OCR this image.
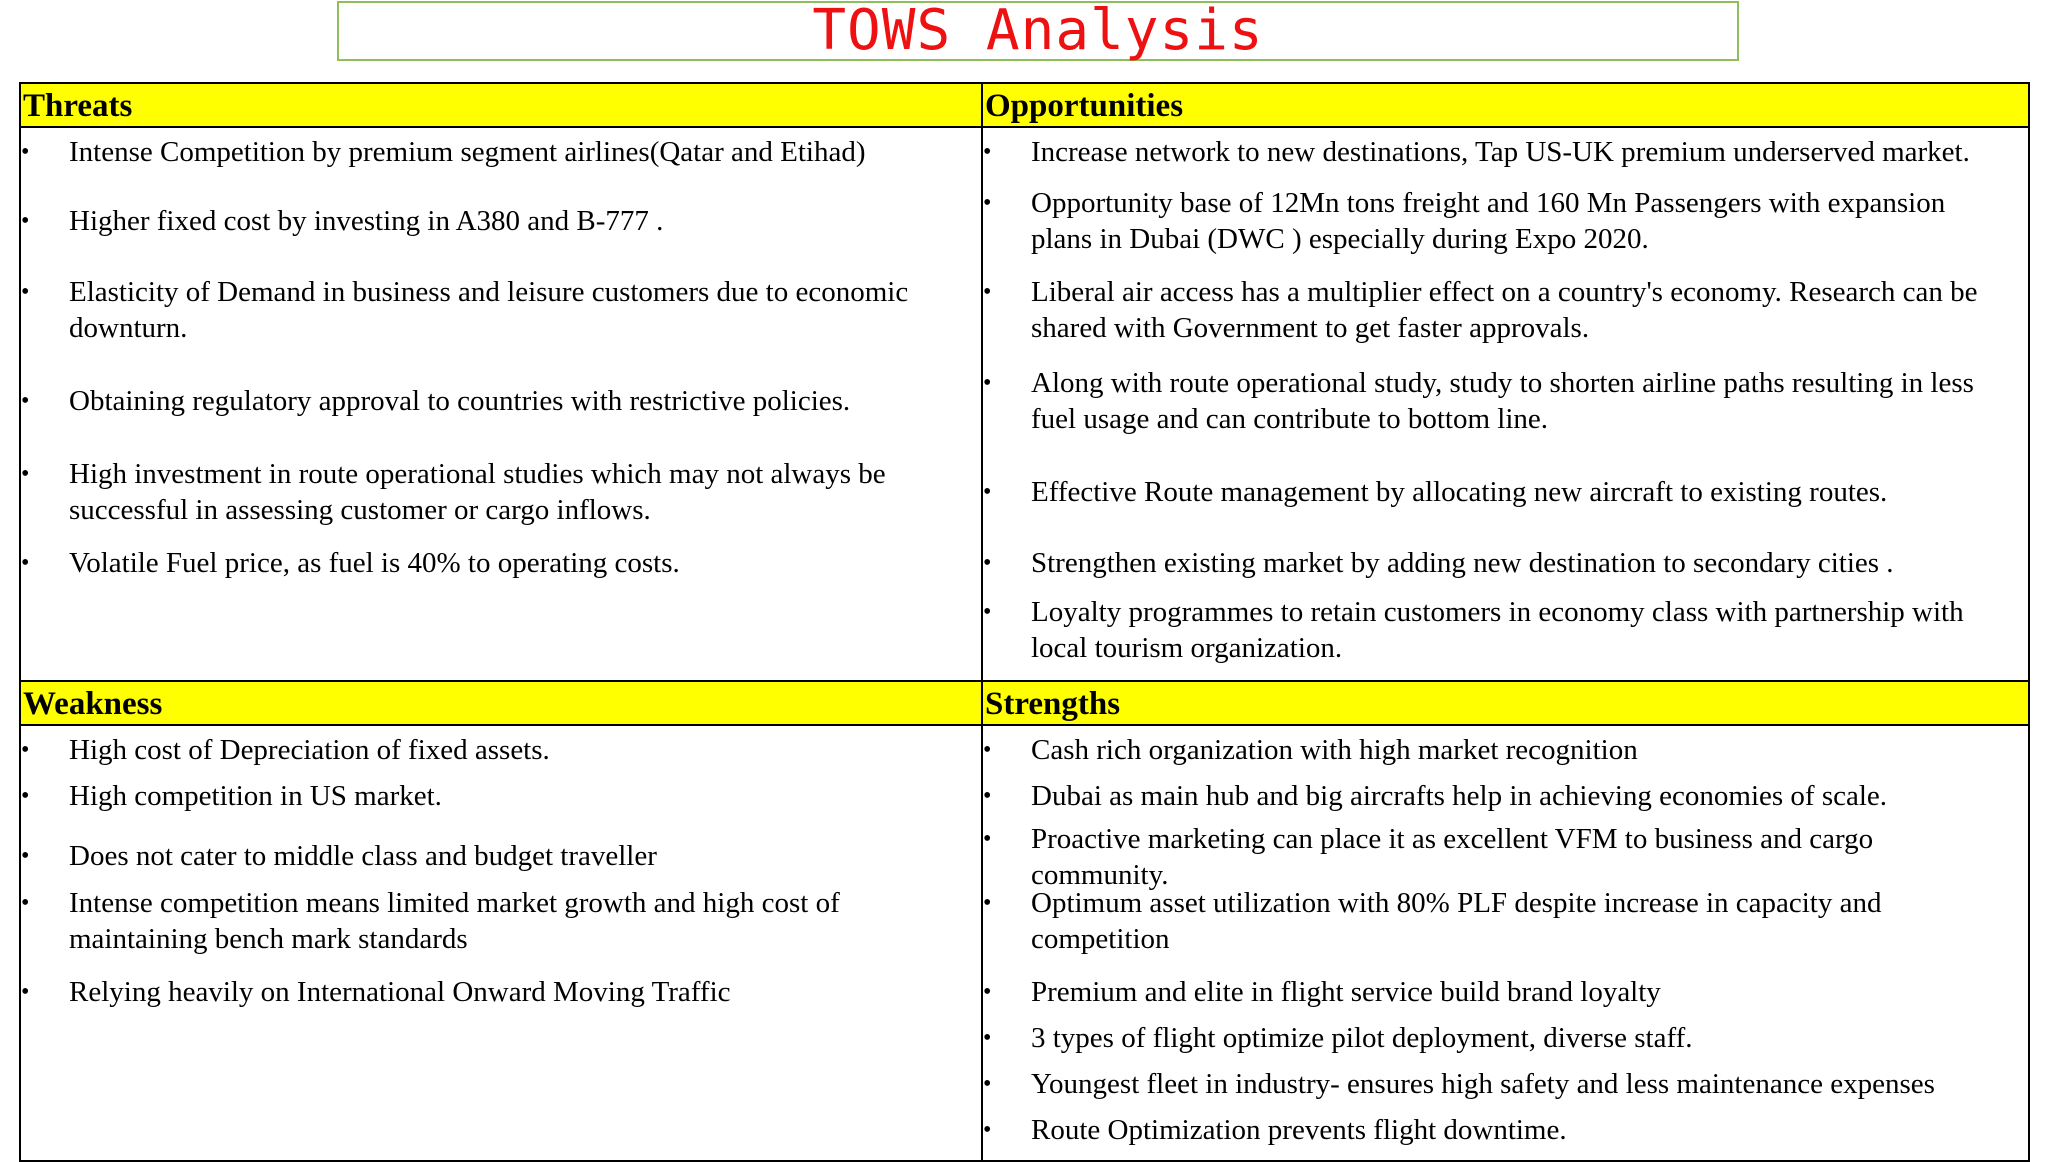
TOWS Analysis
Threats	Opportunities
Weakness	Strengths
• Intense Competition by premium segment airlines(Qatar and Etihad)
• Higher fixed cost by investing in A380 and B-777 .
• Elasticity of Demand in business and leisure customers due to economic downturn.
• Obtaining regulatory approval to countries with restrictive policies.
• High investment in route operational studies which may not always be successful in assessing customer or cargo inflows.
• Volatile Fuel price, as fuel is 40% to operating costs.
• Increase network to new destinations, Tap US-UK premium underserved market.
• Opportunity base of 12Mn tons freight and 160 Mn Passengers with expansion plans in Dubai (DWC ) especially during Expo 2020.
• Liberal air access has a multiplier effect on a country's economy. Research can be shared with Government to get faster approvals.
• Along with route operational study, study to shorten airline paths resulting in less fuel usage and can contribute to bottom line.
• Effective Route management by allocating new aircraft to existing routes.
• Strengthen existing market by adding new destination to secondary cities .
• Loyalty programmes to retain customers in economy class with partnership with local tourism organization.
• High cost of Depreciation of fixed assets.
• High competition in US market.
• Does not cater to middle class and budget traveller
• Intense competition means limited market growth and high cost of maintaining bench mark standards
• Relying heavily on International Onward Moving Traffic
• Cash rich organization with high market recognition
• Dubai as main hub and big aircrafts help in achieving economies of scale.
• Proactive marketing can place it as excellent VFM to business and cargo community.
• Optimum asset utilization with 80% PLF despite increase in capacity and competition
• Premium and elite in flight service build brand loyalty
• 3 types of flight optimize pilot deployment, diverse staff.
• Youngest fleet in industry- ensures high safety and less maintenance expenses
• Route Optimization prevents flight downtime.
